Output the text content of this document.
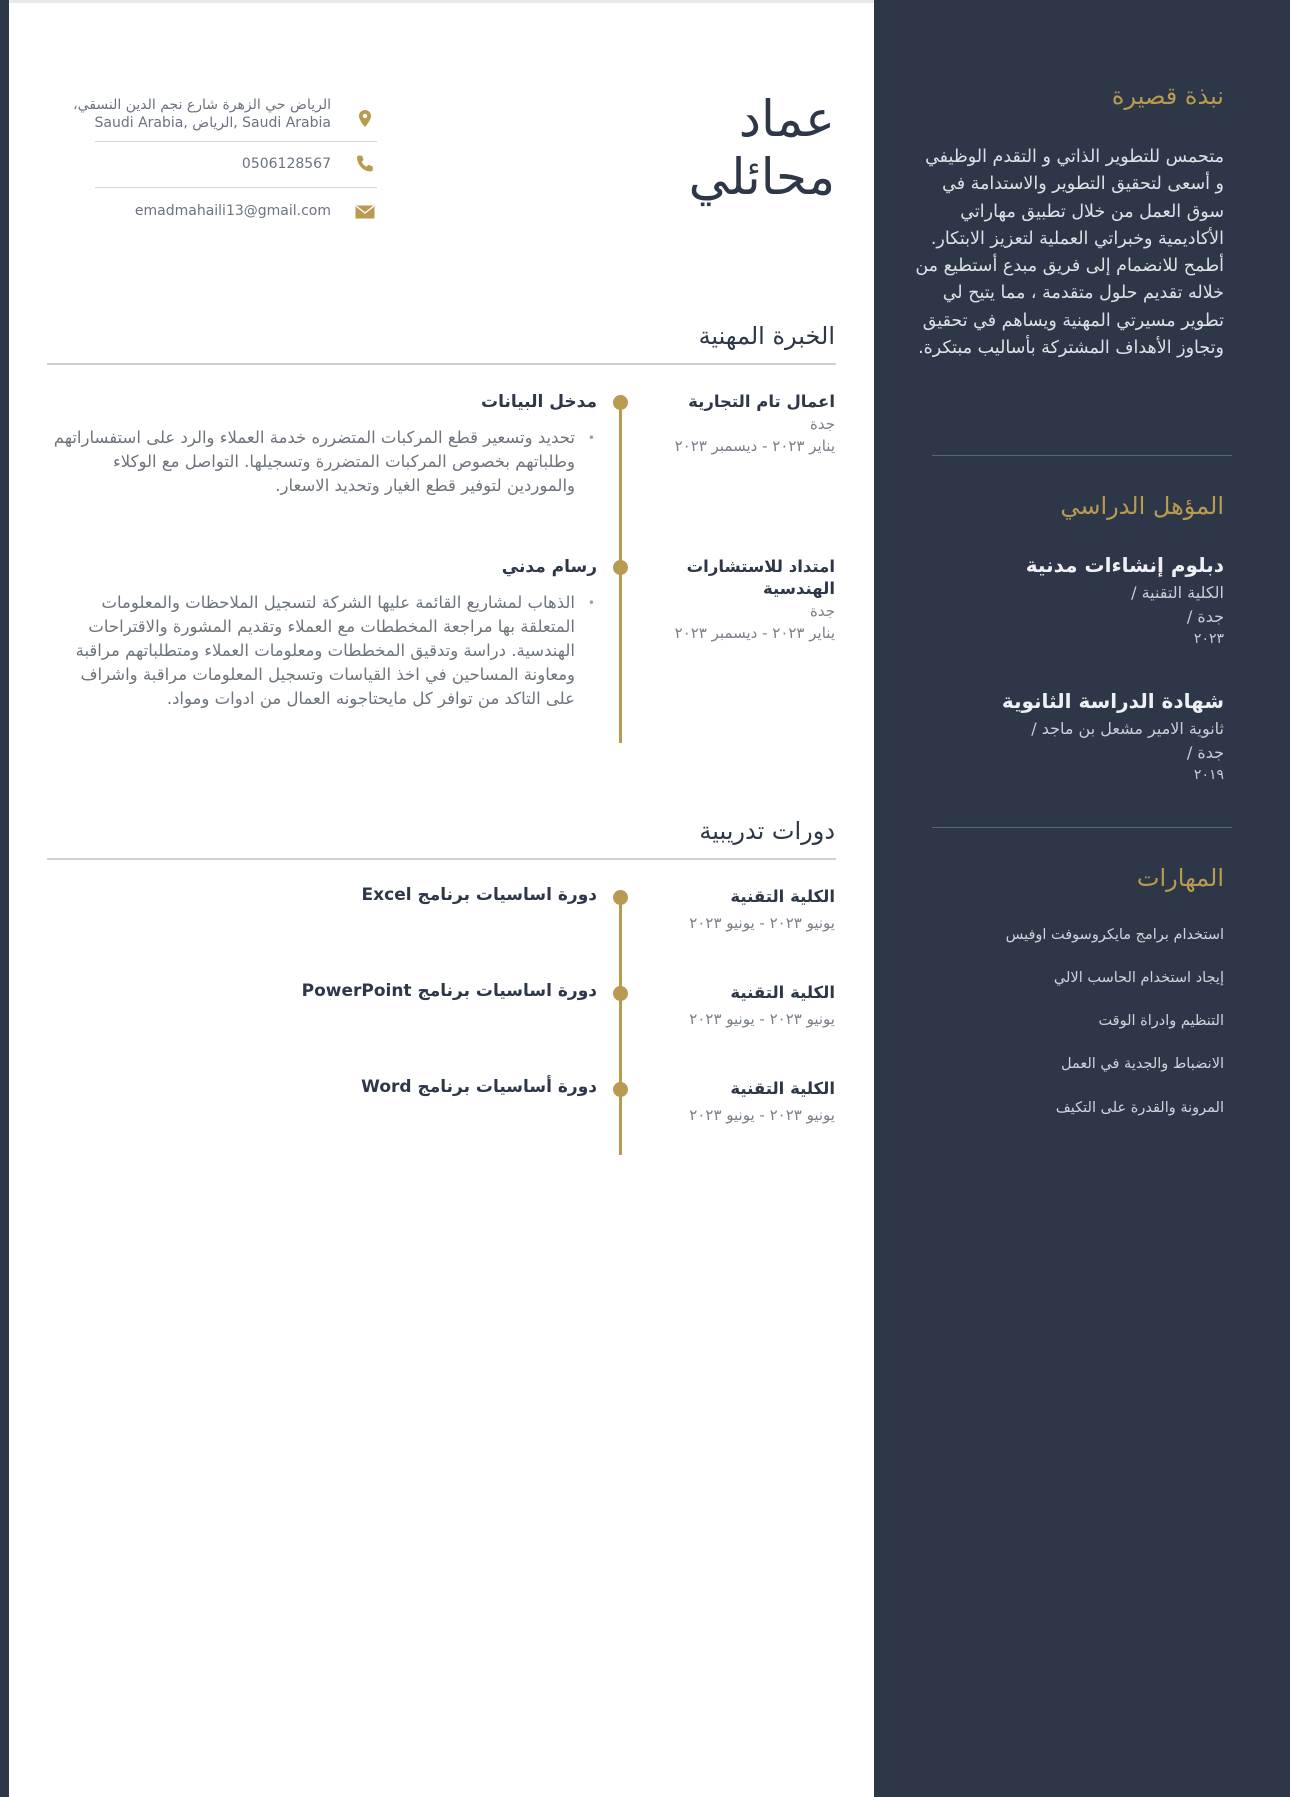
عماد
محائلي
الرياض حي الزهرة شارع نجم الدين النسقي،
Saudi Arabia ,الرياض ,Saudi Arabia
0506128567
emadmahaili13@gmail.com
الخبرة المهنية
اعمال تام التجارية
جدة
يناير ٢٠٢٣ - ديسمبر ٢٠٢٣
مدخل البيانات
• تحديد وتسعير قطع المركبات المتضرره خدمة العملاء والرد على استفساراتهم وطلباتهم بخصوص المركبات المتضررة وتسجيلها. التواصل مع الوكلاء والموردين لتوفير قطع الغيار وتحديد الاسعار.
امتداد للاستشارات الهندسية
جدة
يناير ٢٠٢٣ - ديسمبر ٢٠٢٣
رسام مدني
• الذهاب لمشاريع القائمة عليها الشركة لتسجيل الملاحظات والمعلومات المتعلقة بها مراجعة المخططات مع العملاء وتقديم المشورة والاقتراحات الهندسية. دراسة وتدقيق المخططات ومعلومات العملاء ومتطلباتهم مراقبة ومعاونة المساحين في اخذ القياسات وتسجيل المعلومات مراقبة واشراف على التاكد من توافر كل مايحتاجونه العمال من ادوات ومواد.
دورات تدريبية
الكلية التقنية
يونيو ٢٠٢٣ - يونيو ٢٠٢٣
دورة اساسيات برنامج Excel
الكلية التقنية
يونيو ٢٠٢٣ - يونيو ٢٠٢٣
دورة اساسيات برنامج PowerPoint
الكلية التقنية
يونيو ٢٠٢٣ - يونيو ٢٠٢٣
دورة أساسيات برنامج Word
نبذة قصيرة

متحمس للتطوير الذاتي و التقدم الوظيفي و أسعى لتحقيق التطوير والاستدامة في سوق العمل من خلال تطبيق مهاراتي الأكاديمية وخبراتي العملية لتعزيز الابتكار. أطمح للانضمام إلى فريق مبدع أستطيع من خلاله تقديم حلول متقدمة ، مما يتيح لي تطوير مسيرتي المهنية ويساهم في تحقيق وتجاوز الأهداف المشتركة بأساليب مبتكرة.

المؤهل الدراسي
دبلوم إنشاءات مدنية
الكلية التقنية /
جدة /
٢٠٢٣
شهادة الدراسة الثانوية
ثانوية الامير مشعل بن ماجد /
جدة /
٢٠١٩
المهارات
استخدام برامج مايكروسوفت اوفيس
إيجاد استخدام الحاسب الالي
التنظيم وادراة الوقت
الانضباط والجدية في العمل
المرونة والقدرة على التكيف
